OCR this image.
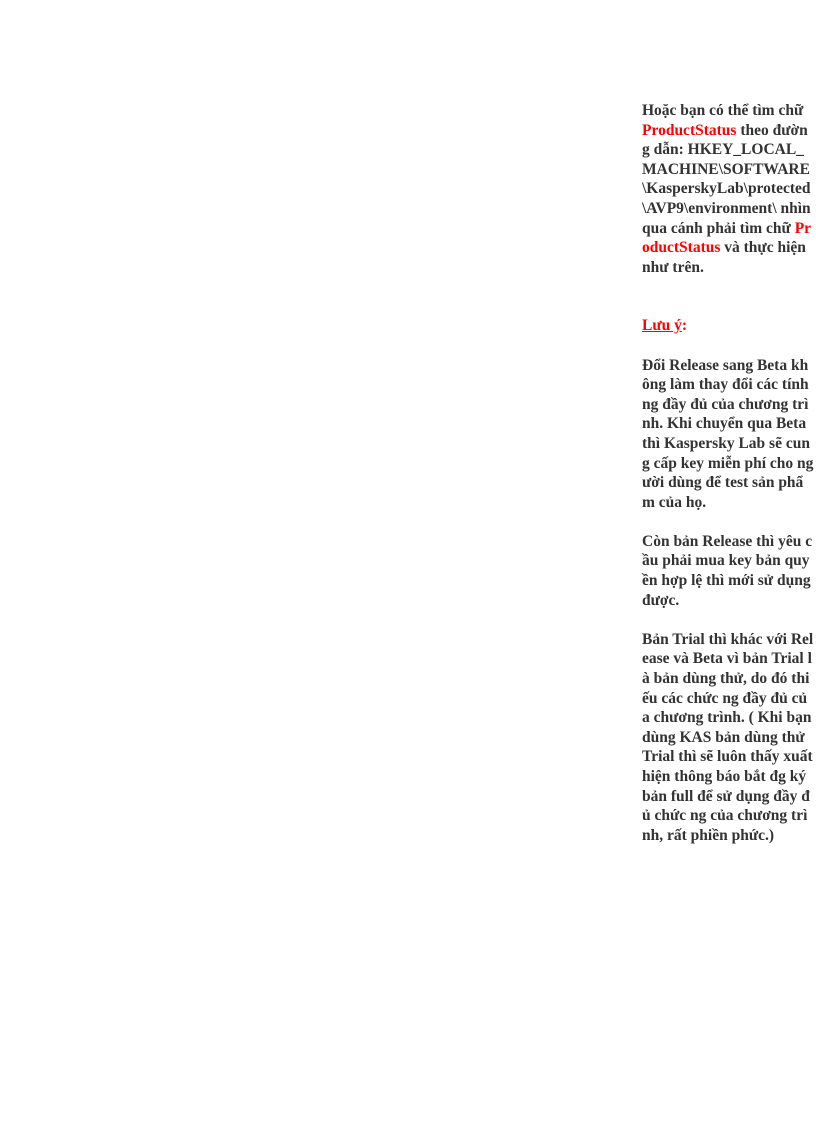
Hoặc bạn có thể tìm chữ ProductStatus theo đường dẫn: HKEY_LOCAL_MACHINE\SOFTWARE\KasperskyLab\protected\AVP9\environment\ nhìn qua cánh phải tìm chữ ProductStatus và thực hiện như trên.

Lưu ý:

Đổi Release sang Beta không làm thay đổi các tính ng đầy đủ của chương trình. Khi chuyển qua Beta thì Kaspersky Lab sẽ cung cấp key miễn phí cho người dùng để test sản phẩm của họ.

Còn bản Release thì yêu cầu phải mua key bản quyền hợp lệ thì mới sử dụng được.

Bản Trial thì khác với Release và Beta vì bản Trial là bản dùng thử, do đó thiếu các chức ng đầy đủ của chương trình. ( Khi bạn dùng KAS bản dùng thử Trial thì sẽ luôn thấy xuất hiện thông báo bắt đg ký bản full để sử dụng đầy đủ chức ng của chương trình, rất phiền phức.)
